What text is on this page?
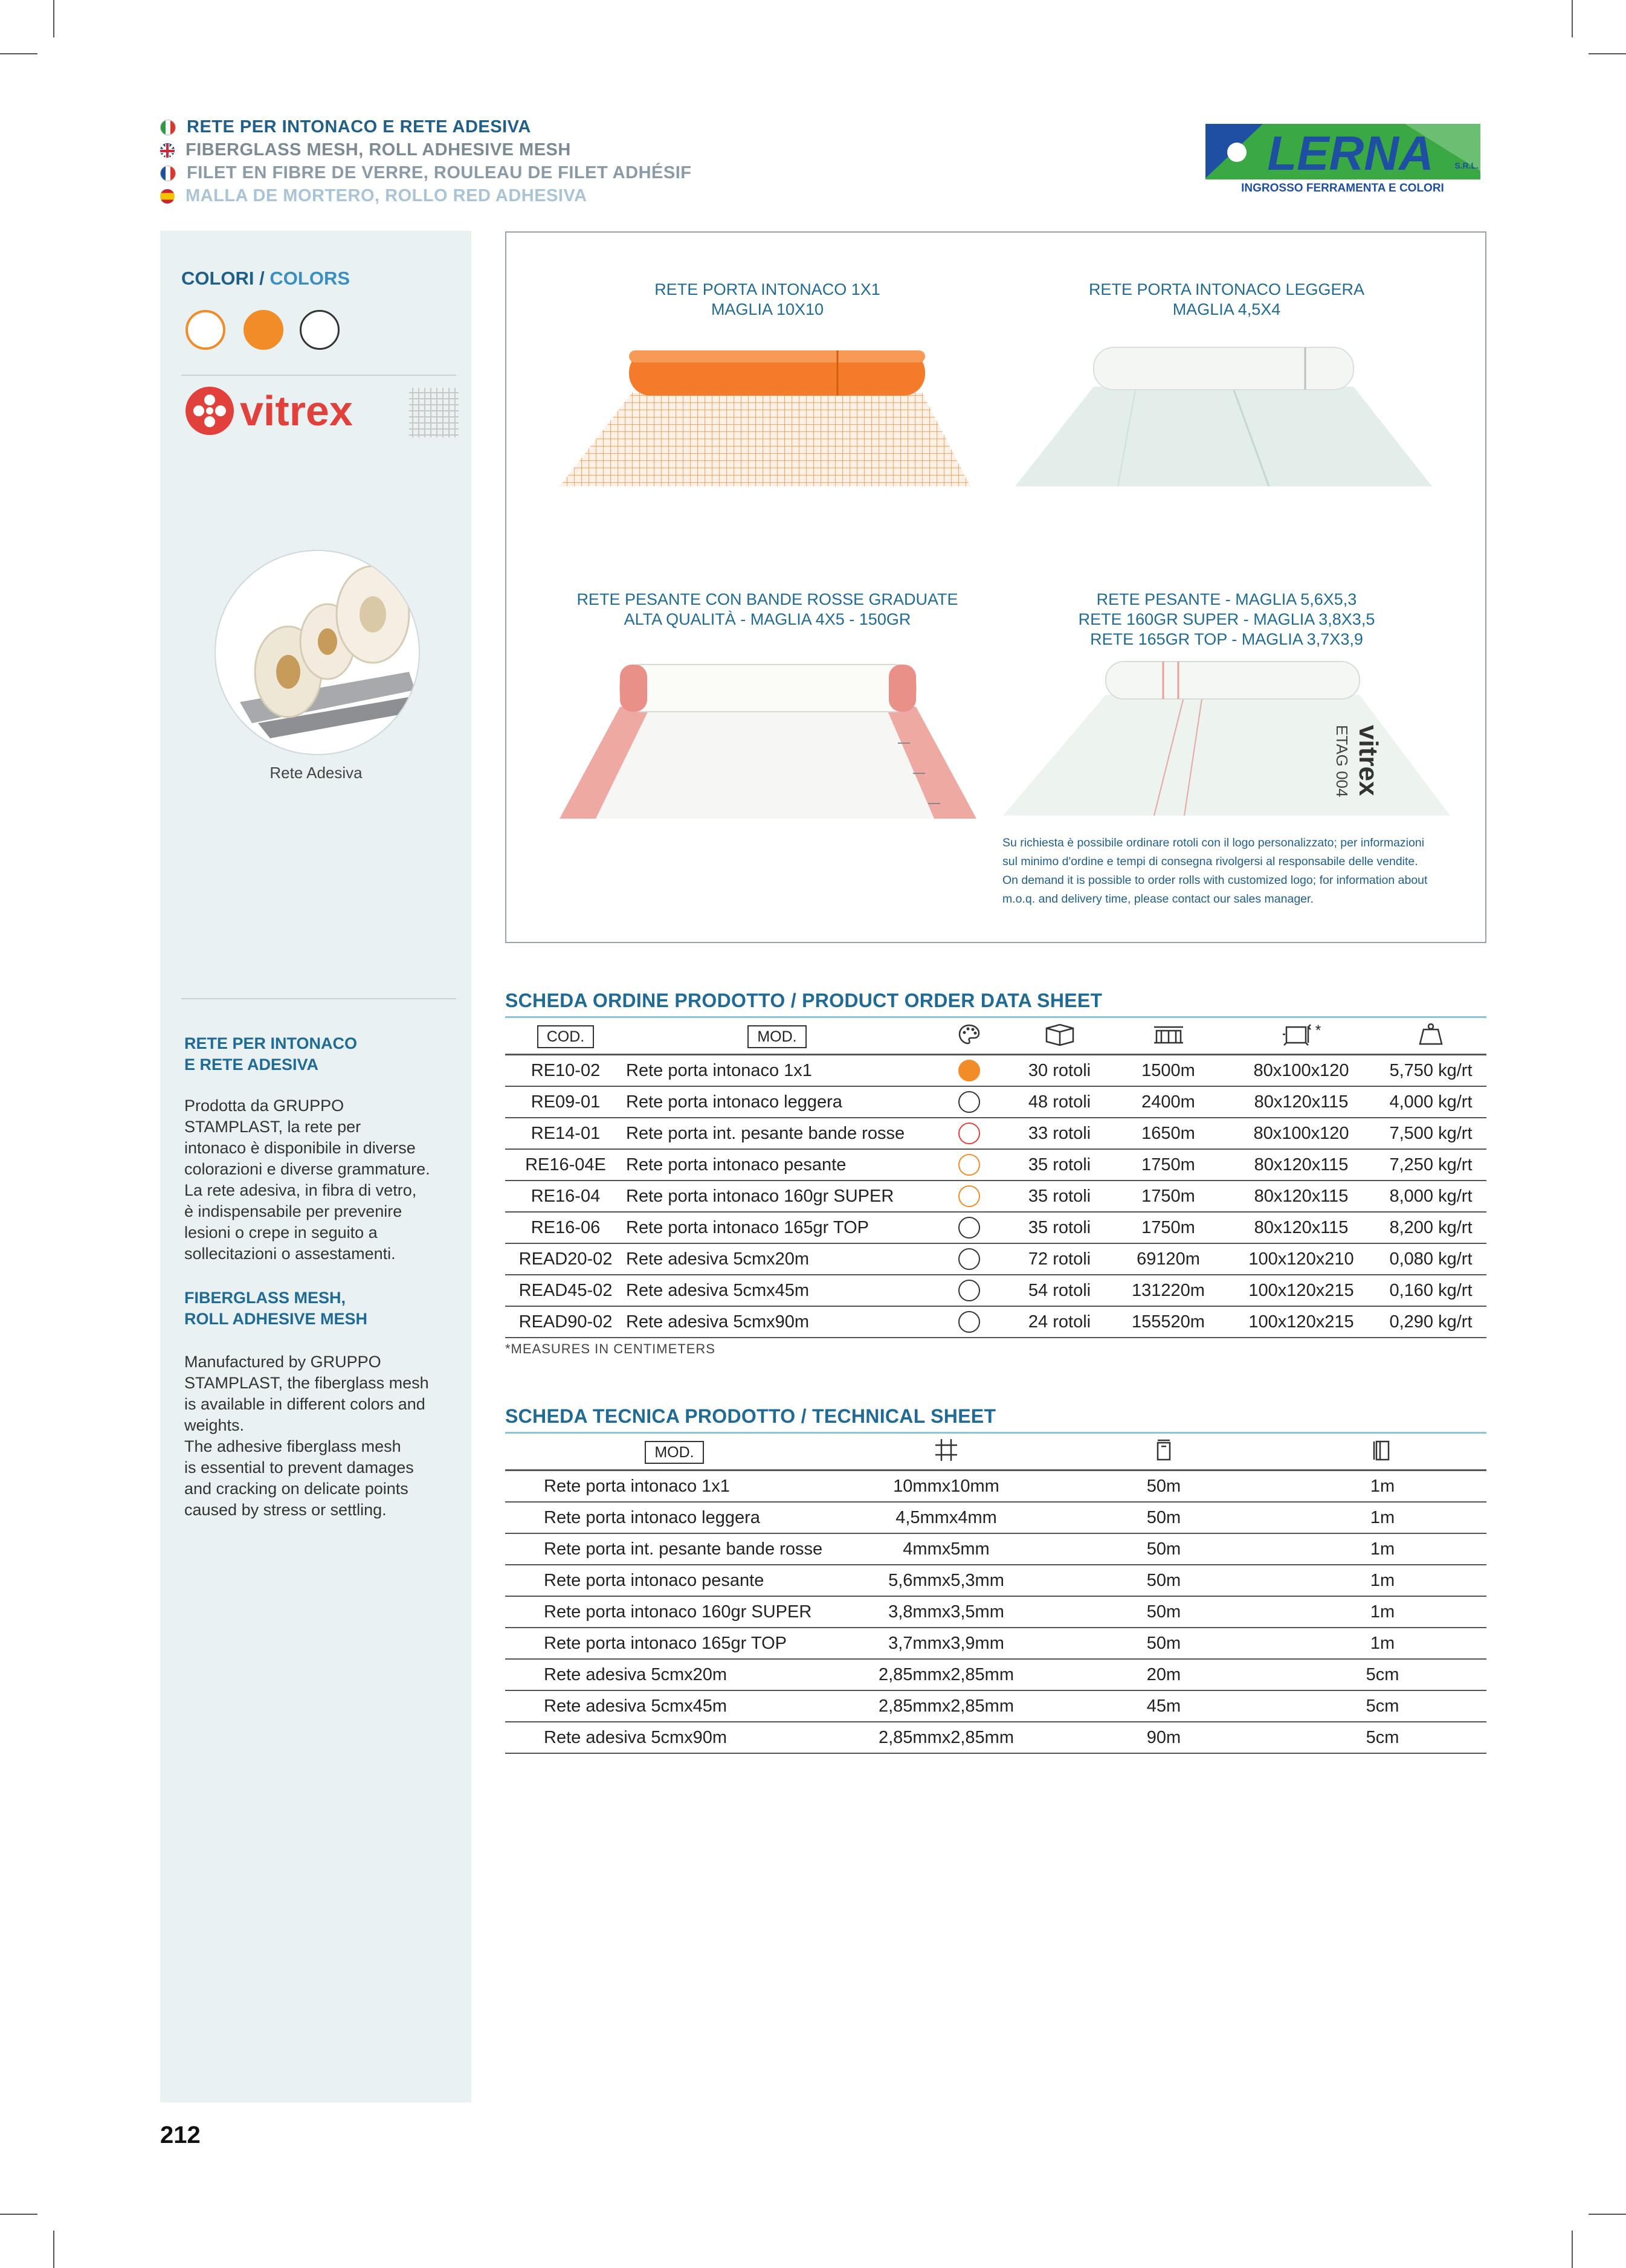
RETE PER INTONACO E RETE ADESIVA
FIBERGLASS MESH, ROLL ADHESIVE MESH
FILET EN FIBRE DE VERRE, ROULEAU DE FILET ADHÉSIF
MALLA DE MORTERO, ROLLO RED ADHESIVA
LERNA S.R.L.
INGROSSO FERRAMENTA E COLORI
COLORI / COLORS
vitrex
Rete Adesiva
RETE PER INTONACO
E RETE ADESIVA
Prodotta da GRUPPO
STAMPLAST, la rete per
intonaco è disponibile in diverse
colorazioni e diverse grammature.
La rete adesiva, in fibra di vetro,
è indispensabile per prevenire
lesioni o crepe in seguito a
sollecitazioni o assestamenti.
FIBERGLASS MESH,
ROLL ADHESIVE MESH
Manufactured by GRUPPO
STAMPLAST, the fiberglass mesh
is available in different colors and
weights.
The adhesive fiberglass mesh
is essential to prevent damages
and cracking on delicate points
caused by stress or settling.
RETE PORTA INTONACO 1X1
MAGLIA 10X10
RETE PORTA INTONACO LEGGERA
MAGLIA 4,5X4
RETE PESANTE CON BANDE ROSSE GRADUATE
ALTA QUALITÀ - MAGLIA 4X5 - 150GR
RETE PESANTE - MAGLIA 5,6X5,3
RETE 160GR SUPER - MAGLIA 3,8X3,5
RETE 165GR TOP - MAGLIA 3,7X3,9
vitrex
ETAG 004
Su richiesta è possibile ordinare rotoli con il logo personalizzato; per informazioni
sul minimo d'ordine e tempi di consegna rivolgersi al responsabile delle vendite.
On demand it is possible to order rolls with customized logo; for information about
m.o.q. and delivery time, please contact our sales manager.
SCHEDA ORDINE PRODOTTO / PRODUCT ORDER DATA SHEET
COD.	MOD.				*	
RE10-02	Rete porta intonaco 1x1		30 rotoli	1500m	80x100x120	5,750 kg/rt
RE09-01	Rete porta intonaco leggera		48 rotoli	2400m	80x120x115	4,000 kg/rt
RE14-01	Rete porta int. pesante bande rosse		33 rotoli	1650m	80x100x120	7,500 kg/rt
RE16-04E	Rete porta intonaco pesante		35 rotoli	1750m	80x120x115	7,250 kg/rt
RE16-04	Rete porta intonaco 160gr SUPER		35 rotoli	1750m	80x120x115	8,000 kg/rt
RE16-06	Rete porta intonaco 165gr TOP		35 rotoli	1750m	80x120x115	8,200 kg/rt
READ20-02	Rete adesiva 5cmx20m		72 rotoli	69120m	100x120x210	0,080 kg/rt
READ45-02	Rete adesiva 5cmx45m		54 rotoli	131220m	100x120x215	0,160 kg/rt
READ90-02	Rete adesiva 5cmx90m		24 rotoli	155520m	100x120x215	0,290 kg/rt
*MEASURES IN CENTIMETERS
SCHEDA TECNICA PRODOTTO / TECHNICAL SHEET
MOD.			
Rete porta intonaco 1x1	10mmx10mm	50m	1m
Rete porta intonaco leggera	4,5mmx4mm	50m	1m
Rete porta int. pesante bande rosse	4mmx5mm	50m	1m
Rete porta intonaco pesante	5,6mmx5,3mm	50m	1m
Rete porta intonaco 160gr SUPER	3,8mmx3,5mm	50m	1m
Rete porta intonaco 165gr TOP	3,7mmx3,9mm	50m	1m
Rete adesiva 5cmx20m	2,85mmx2,85mm	20m	5cm
Rete adesiva 5cmx45m	2,85mmx2,85mm	45m	5cm
Rete adesiva 5cmx90m	2,85mmx2,85mm	90m	5cm
212
